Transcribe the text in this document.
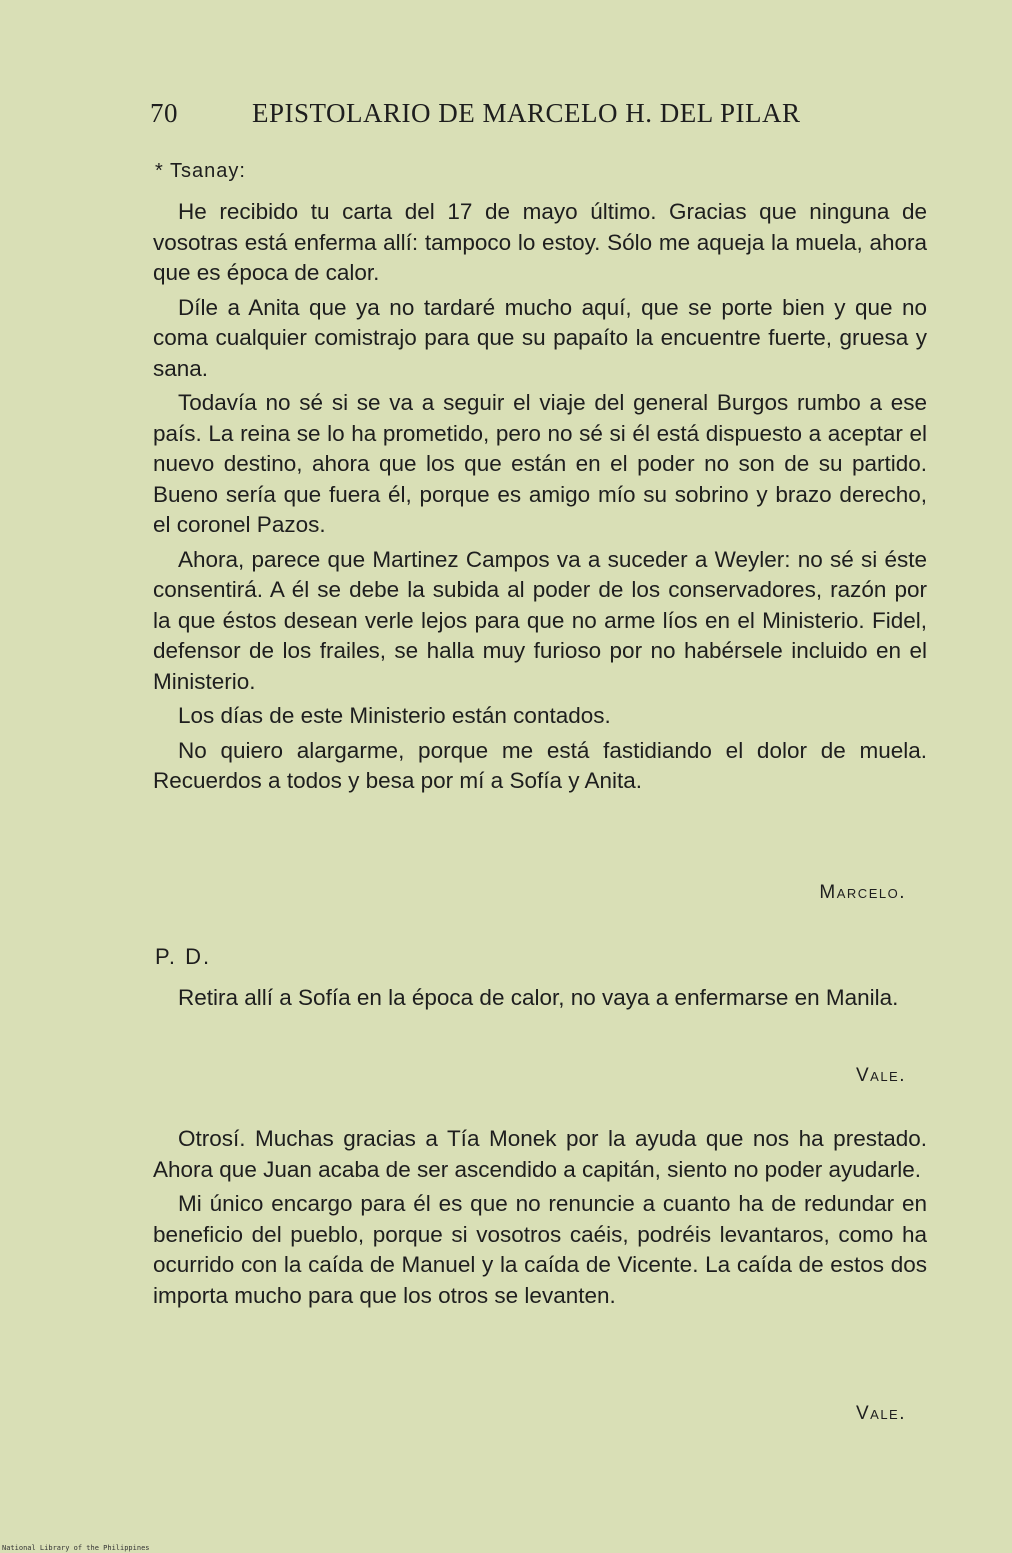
70	EPISTOLARIO DE MARCELO H. DEL PILAR
* Tsanay:

He recibido tu carta del 17 de mayo último. Gracias que ninguna de vosotras está enferma allí: tampoco lo estoy. Sólo me aqueja la muela, ahora que es época de calor.

Díle a Anita que ya no tardaré mucho aquí, que se porte bien y que no coma cualquier comistrajo para que su papaíto la encuentre fuerte, gruesa y sana.

Todavía no sé si se va a seguir el viaje del general Burgos rumbo a ese país. La reina se lo ha prometido, pero no sé si él está dispuesto a aceptar el nuevo destino, ahora que los que están en el poder no son de su partido. Bueno sería que fuera él, porque es amigo mío su sobrino y brazo derecho, el coronel Pazos.

Ahora, parece que Martinez Campos va a suceder a Weyler: no sé si éste consentirá. A él se debe la subida al poder de los conservadores, razón por la que éstos desean verle lejos para que no arme líos en el Ministerio. Fidel, defensor de los frailes, se halla muy furioso por no habérsele incluido en el Ministerio.

Los días de este Ministerio están contados.

No quiero alargarme, porque me está fastidiando el dolor de muela. Recuerdos a todos y besa por mí a Sofía y Anita.

Marcelo.
P. D.

Retira allí a Sofía en la época de calor, no vaya a enfermarse en Manila.

Vale.

Otrosí. Muchas gracias a Tía Monek por la ayuda que nos ha prestado. Ahora que Juan acaba de ser ascendido a capitán, siento no poder ayudarle.

Mi único encargo para él es que no renuncie a cuanto ha de redundar en beneficio del pueblo, porque si vosotros caéis, podréis levantaros, como ha ocurrido con la caída de Manuel y la caída de Vicente. La caída de estos dos importa mucho para que los otros se levanten.

Vale.
National Library of the Philippines
